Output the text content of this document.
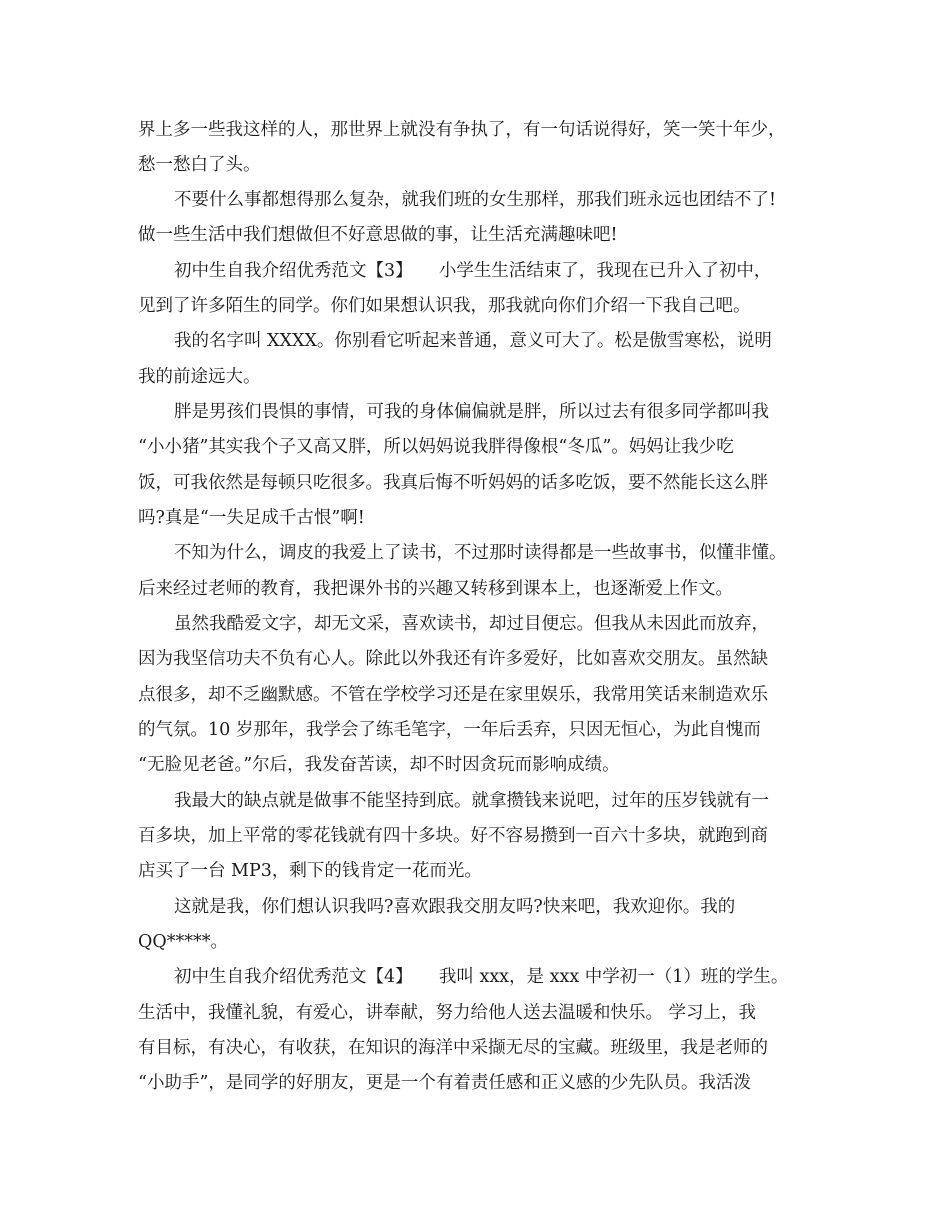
界上多一些我这样的人，那世界上就没有争执了，有一句话说得好，笑一笑十年少，
愁一愁白了头。
不要什么事都想得那么复杂，就我们班的女生那样，那我们班永远也团结不了!
做一些生活中我们想做但不好意思做的事，让生活充满趣味吧!
初中生自我介绍优秀范文【3】　　小学生生活结束了，我现在已升入了初中，
见到了许多陌生的同学。你们如果想认识我，那我就向你们介绍一下我自己吧。
我的名字叫 XXXX。你别看它听起来普通，意义可大了。松是傲雪寒松，说明
我的前途远大。
胖是男孩们畏惧的事情，可我的身体偏偏就是胖，所以过去有很多同学都叫我
“小小猪”其实我个子又高又胖，所以妈妈说我胖得像根“冬瓜”。妈妈让我少吃
饭，可我依然是每顿只吃很多。我真后悔不听妈妈的话多吃饭，要不然能长这么胖
吗?真是“一失足成千古恨”啊!
不知为什么，调皮的我爱上了读书，不过那时读得都是一些故事书，似懂非懂。
后来经过老师的教育，我把课外书的兴趣又转移到课本上，也逐渐爱上作文。
虽然我酷爱文字，却无文采，喜欢读书，却过目便忘。但我从未因此而放弃，
因为我坚信功夫不负有心人。除此以外我还有许多爱好，比如喜欢交朋友。虽然缺
点很多，却不乏幽默感。不管在学校学习还是在家里娱乐，我常用笑话来制造欢乐
的气氛。10 岁那年，我学会了练毛笔字，一年后丢弃，只因无恒心，为此自愧而
“无脸见老爸。”尔后，我发奋苦读，却不时因贪玩而影响成绩。
我最大的缺点就是做事不能坚持到底。就拿攒钱来说吧，过年的压岁钱就有一
百多块，加上平常的零花钱就有四十多块。好不容易攒到一百六十多块，就跑到商
店买了一台 MP3，剩下的钱肯定一花而光。
这就是我，你们想认识我吗?喜欢跟我交朋友吗?快来吧，我欢迎你。我的
QQ*****。
初中生自我介绍优秀范文【4】　　我叫 xxx，是 xxx 中学初一（1）班的学生。
生活中，我懂礼貌，有爱心，讲奉献，努力给他人送去温暖和快乐。 学习上，我
有目标，有决心，有收获，在知识的海洋中采撷无尽的宝藏。班级里，我是老师的
“小助手”，是同学的好朋友，更是一个有着责任感和正义感的少先队员。我活泼
